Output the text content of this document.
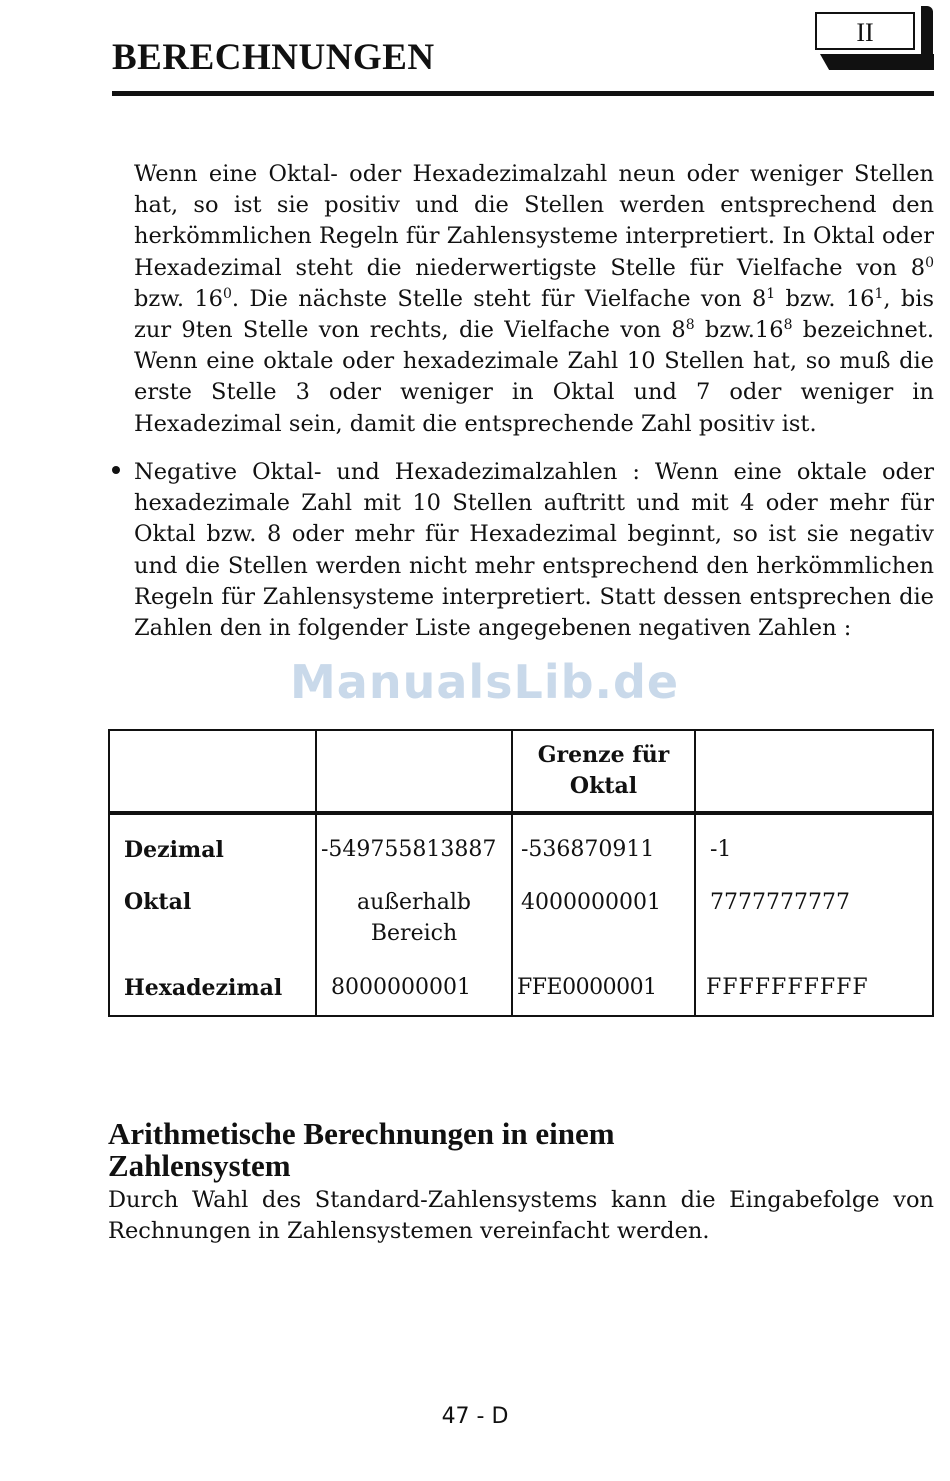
BERECHNUNGEN
II

Wenn eine Oktal- oder Hexadezimalzahl neun oder weniger Stellen hat, so ist sie positiv und die Stellen werden entsprechend den herkömmlichen Regeln für Zahlensysteme interpretiert. In Oktal oder Hexadezimal steht die niederwertigste Stelle für Vielfache von $8^0$ bzw. $16^0$. Die nächste Stelle steht für Vielfache von $8^1$ bzw. $16^1$, bis zur 9ten Stelle von rechts, die Vielfache von $8^8$ $bzw.16^8$ bezeichnet. Wenn eine oktale oder hexadezimale Zahl 10 Stellen hat, so muß die erste Stelle 3 oder weniger in Oktal und 7 oder weniger in Hexadezimal sein, damit die entsprechende Zahl positiv ist.

Negative Oktal- und Hexadezimalzahlen : Wenn eine oktale oder hexadezimale Zahl mit 10 Stellen auftritt und mit 4 oder mehr für Oktal bzw. 8 oder mehr für Hexadezimal beginnt, so ist sie negativ und die Stellen werden nicht mehr entsprechend den herkömmlichen Regeln für Zahlensysteme interpretiert. Statt dessen entsprechen die Zahlen den in folgender Liste angegebenen negativen Zahlen :

ManualsLib.de
		Grenze für Oktal	
Dezimal	-549755813887	-536870911	-1
Oktal	außerhalb Bereich	4000000001	7777777777
Hexadezimal	8000000001	FFE0000001	FFFFFFFFFF
Arithmetische Berechnungen in einem
Zahlensystem

Durch Wahl des Standard-Zahlensystems kann die Eingabefolge von Rechnungen in Zahlensystemen vereinfacht werden.

47 - D
